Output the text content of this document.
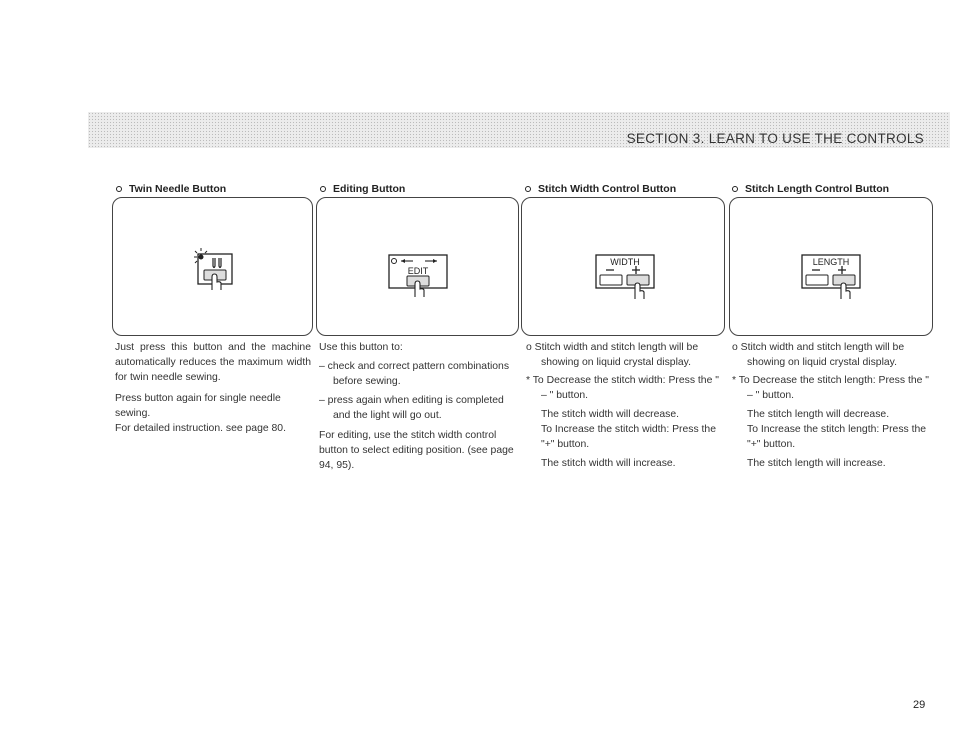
SECTION 3. LEARN TO USE THE CONTROLS
Twin Needle Button

Just press this button and the machine automatically reduces the maximum width for twin needle sewing.

Press button again for single needle sewing.

For detailed instruction. see page 80.

Editing Button
EDIT

Use this button to:

– check and correct pattern combinations before sewing.

– press again when editing is completed and the light will go out.

For editing, use the stitch width control button to select editing position. (see page 94, 95).

Stitch Width Control Button
WIDTH

o Stitch width and stitch length will be showing on liquid crystal display.

* To Decrease the stitch width: Press the " – " button.

The stitch width will decrease.

To Increase the stitch width: Press the "+" button.

The stitch width will increase.

Stitch Length Control Button
LENGTH

o Stitch width and stitch length will be showing on liquid crystal display.

* To Decrease the stitch length: Press the " – " button.

The stitch length will decrease.

To Increase the stitch length: Press the "+" button.

The stitch length will increase.

29
